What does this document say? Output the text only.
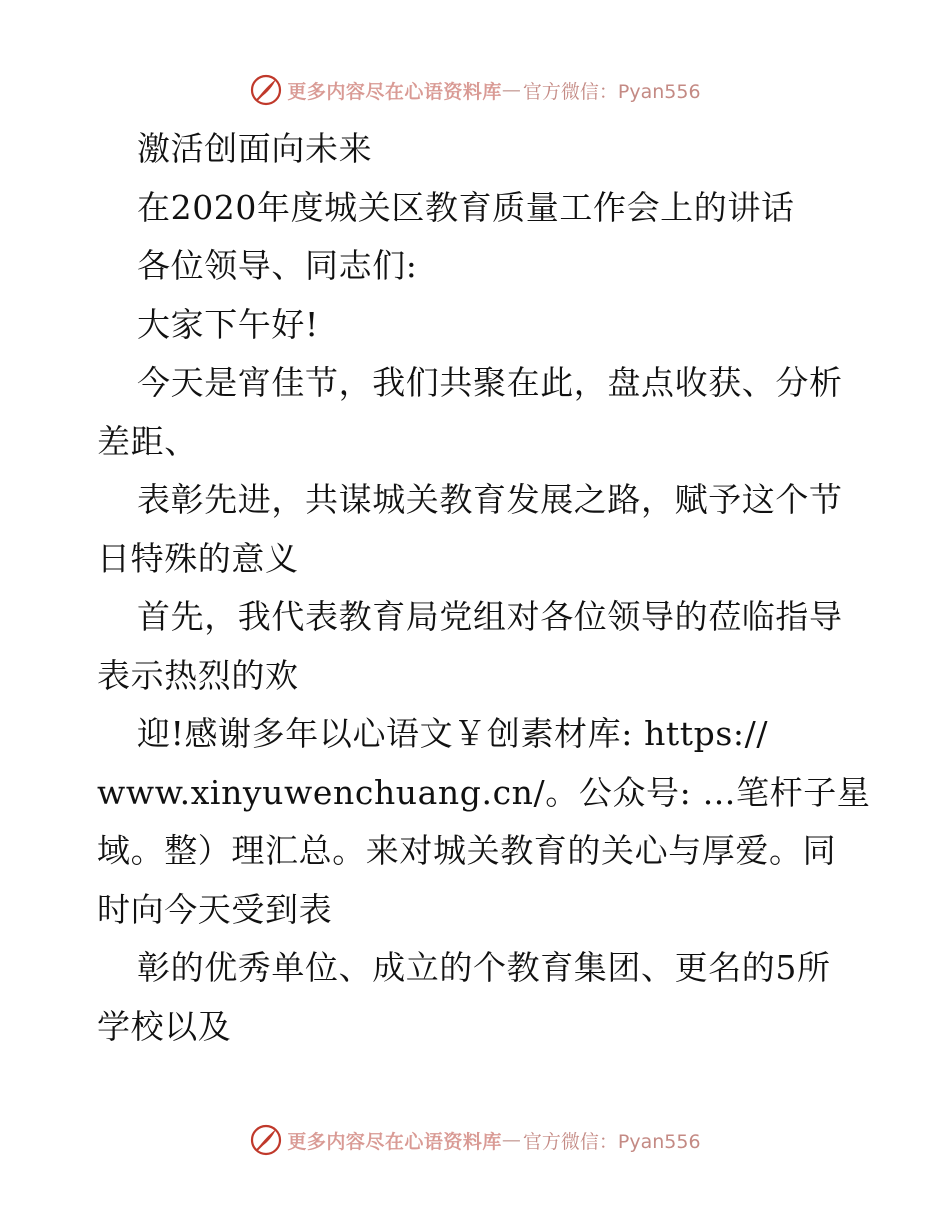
更多内容尽在心语资料库 — 官方微信：Pyan556
激活创面向未来
在2020年度城关区教育质量工作会上的讲话
各位领导、同志们:
大家下午好!
今天是宵佳节，我们共聚在此，盘点收获、分析
差距、
表彰先进，共谋城关教育发展之路，赋予这个节
日特殊的意义
首先，我代表教育局党组对各位领导的莅临指导
表示热烈的欢
迎!感谢多年以心语文￥创素材库: https://
www.xinyuwenchuang.cn/。公众号: …笔杆子星
域。整）理汇总。来对城关教育的关心与厚爱。同
时向今天受到表
彰的优秀单位、成立的个教育集团、更名的5所
学校以及
更多内容尽在心语资料库 — 官方微信：Pyan556
